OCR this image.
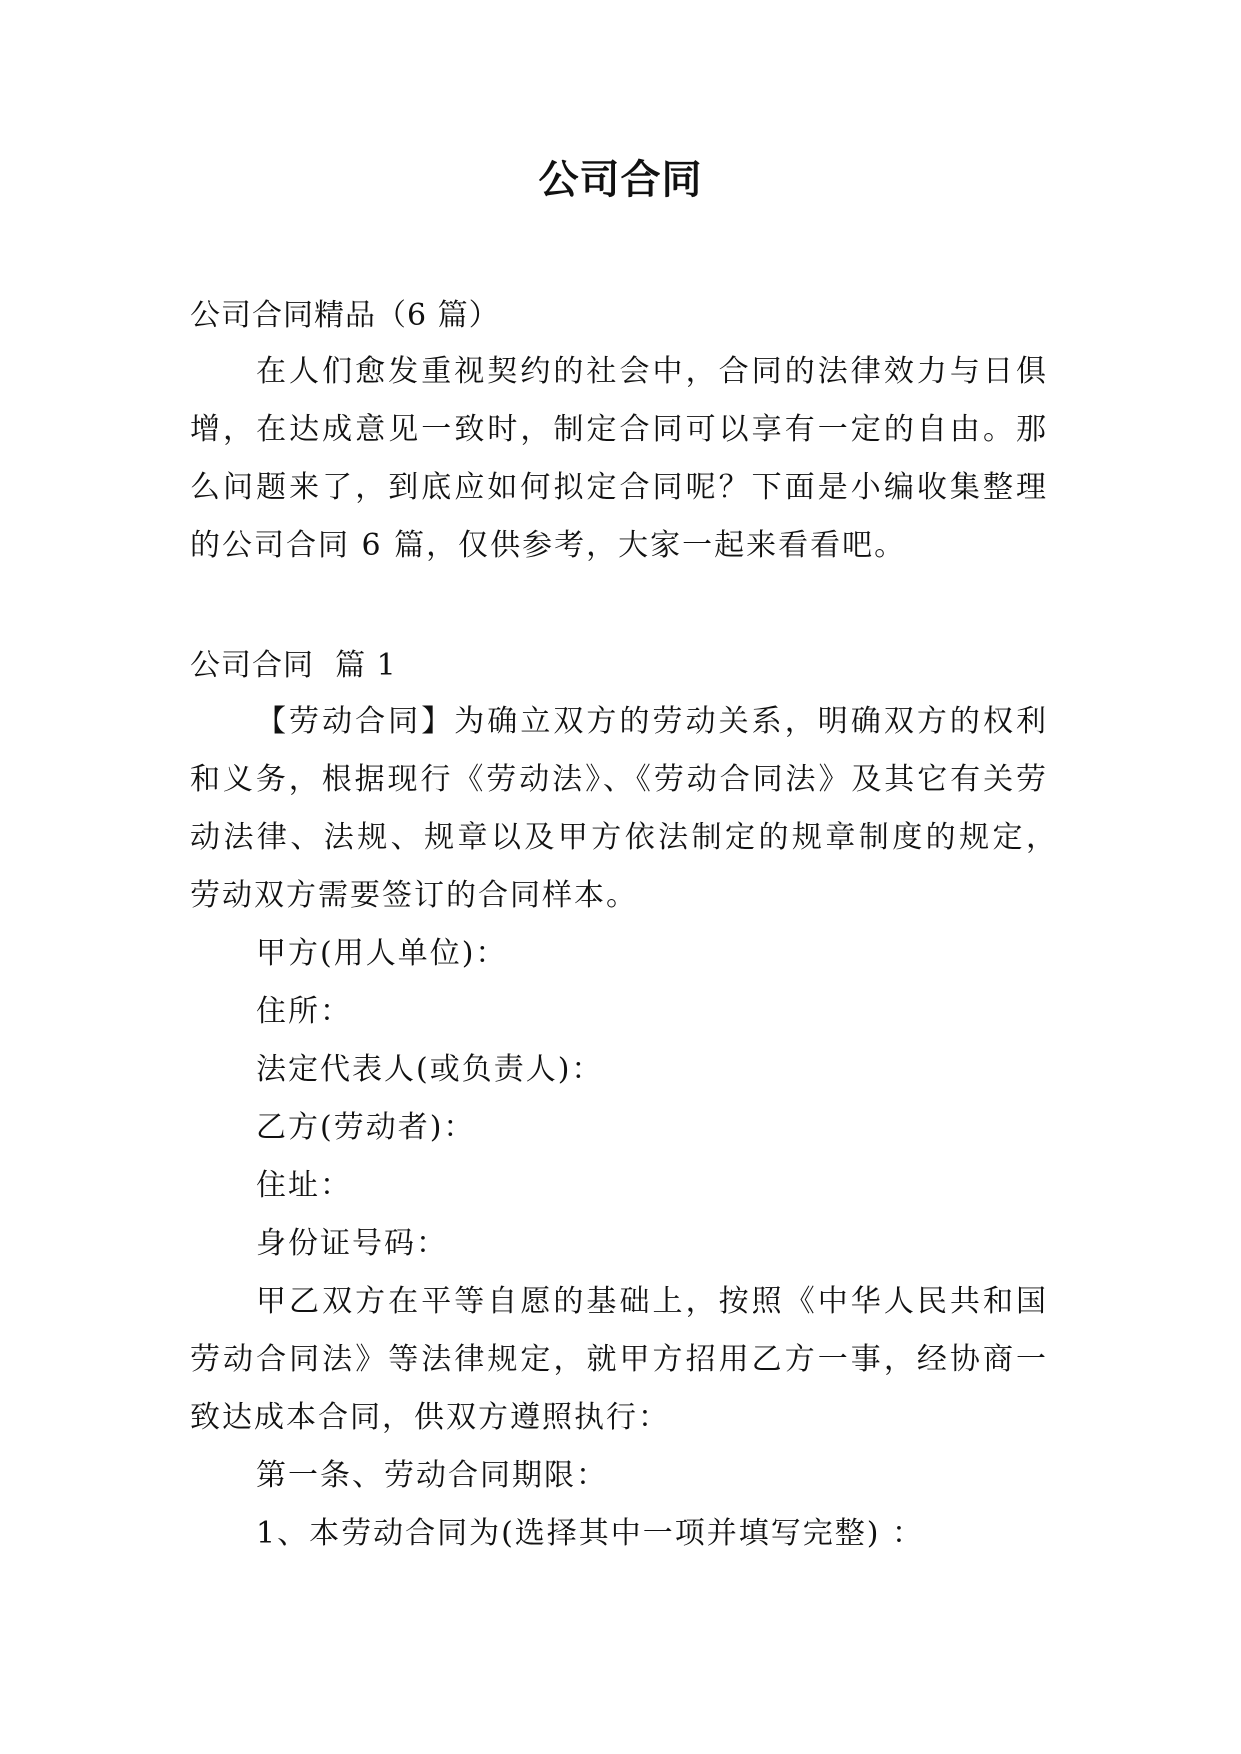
公司合同
公司合同精品（6 篇）
在人们愈发重视契约的社会中，合同的法律效力与日俱
增，在达成意见一致时，制定合同可以享有一定的自由。那
么问题来了，到底应如何拟定合同呢？下面是小编收集整理
的公司合同 6 篇，仅供参考，大家一起来看看吧。
公司合同  篇 1
【劳动合同】为确立双方的劳动关系，明确双方的权利
和义务，根据现行《劳动法》、《劳动合同法》及其它有关劳
动法律、法规、规章以及甲方依法制定的规章制度的规定，
劳动双方需要签订的合同样本。
甲方(用人单位)：
住所：
法定代表人(或负责人)：
乙方(劳动者)：
住址：
身份证号码：
甲乙双方在平等自愿的基础上，按照《中华人民共和国
劳动合同法》等法律规定，就甲方招用乙方一事，经协商一
致达成本合同，供双方遵照执行：
第一条、劳动合同期限：
1、本劳动合同为(选择其中一项并填写完整) ：
